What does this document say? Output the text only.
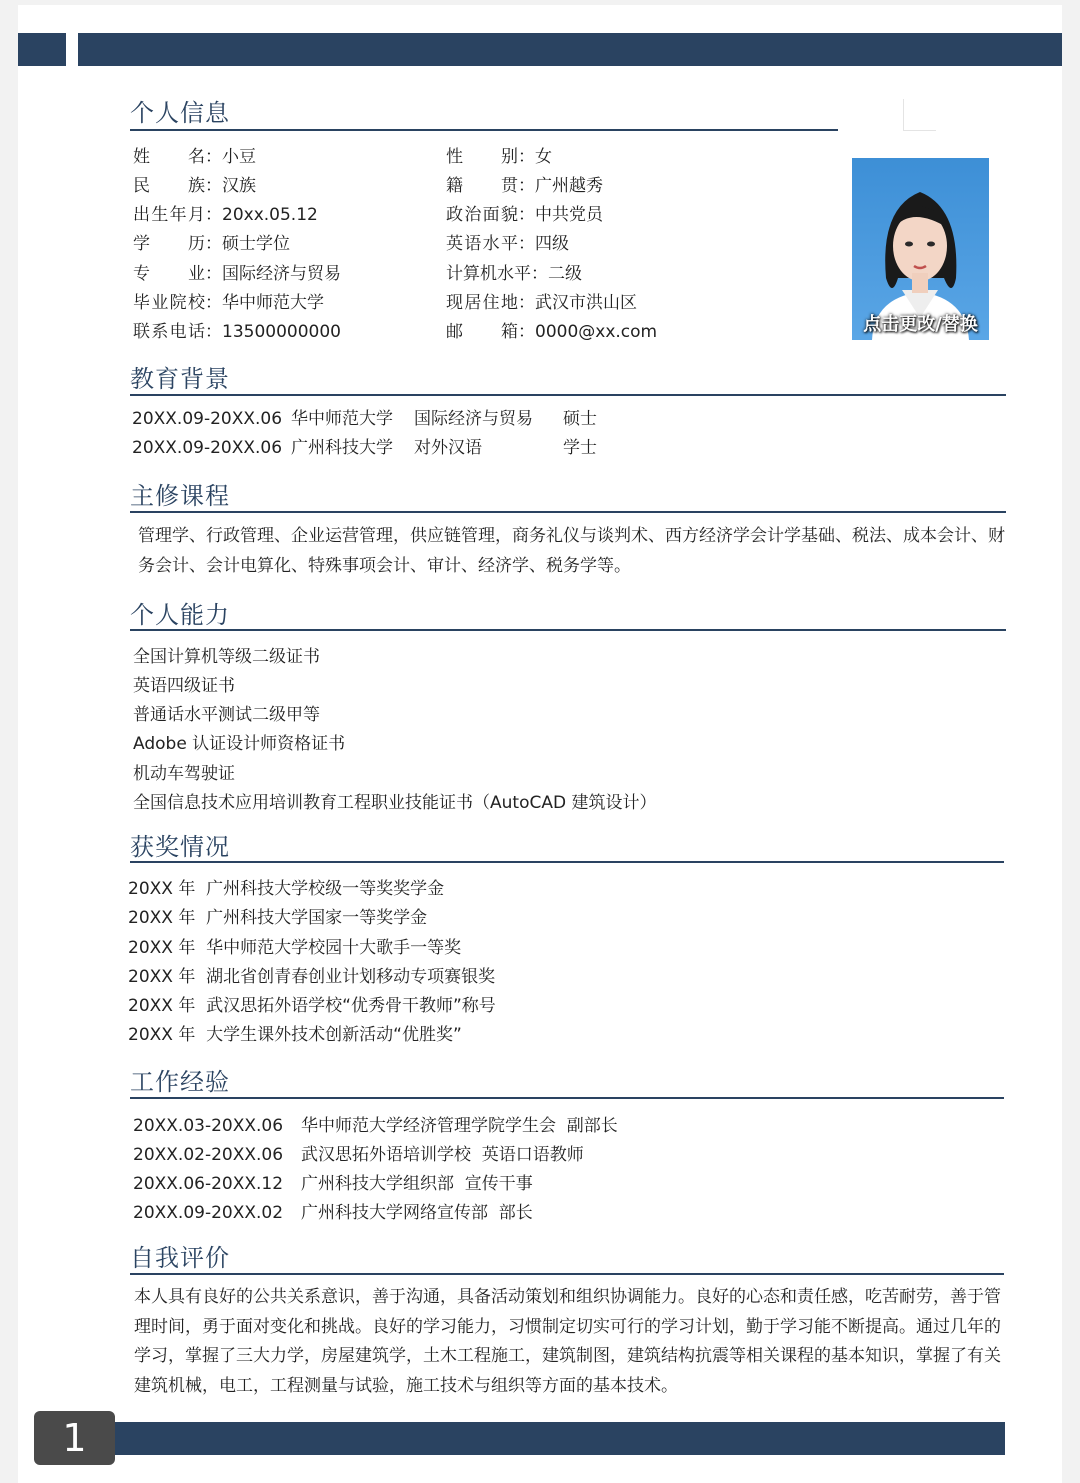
个人信息
姓 名：小豆	性 别：女
民 族：汉族	籍 贯：广州越秀
出生年月：20xx.05.12	政治面貌：中共党员
学 历：硕士学位	英语水平：四级
专 业：国际经济与贸易	计算机水平：二级
毕业院校：华中师范大学	现居住地：武汉市洪山区
联系电话：13500000000	邮 箱：0000@xx.com	点击更改/替换
教育背景
20XX.09-20XX.06 华中师范大学 国际经济与贸易 硕士
20XX.09-20XX.06 广州科技大学 对外汉语	学士
主修课程
管理学、行政管理、企业运营管理，供应链管理，商务礼仪与谈判术、西方经济学会计学基础、税法、成本会计、财务会计、会计电算化、特殊事项会计、审计、经济学、税务学等。
个人能力
全国计算机等级二级证书
英语四级证书
普通话水平测试二级甲等
Adobe 认证设计师资格证书
机动车驾驶证
全国信息技术应用培训教育工程职业技能证书（AutoCAD 建筑设计）
获奖情况
20XX 年  广州科技大学校级一等奖奖学金
20XX 年  广州科技大学国家一等奖学金
20XX 年  华中师范大学校园十大歌手一等奖
20XX 年  湖北省创青春创业计划移动专项赛银奖
20XX 年  武汉思拓外语学校“优秀骨干教师”称号
20XX 年  大学生课外技术创新活动“优胜奖”
工作经验
20XX.03-20XX.06 华中师范大学经济管理学院学生会  副部长
20XX.02-20XX.06 武汉思拓外语培训学校  英语口语教师
20XX.06-20XX.12 广州科技大学组织部  宣传干事
20XX.09-20XX.02 广州科技大学网络宣传部  部长
自我评价
本人具有良好的公共关系意识，善于沟通，具备活动策划和组织协调能力。良好的心态和责任感，吃苦耐劳，善于管理时间，勇于面对变化和挑战。良好的学习能力，习惯制定切实可行的学习计划，勤于学习能不断提高。通过几年的学习，掌握了三大力学，房屋建筑学，土木工程施工，建筑制图，建筑结构抗震等相关课程的基本知识，掌握了有关建筑机械，电工，工程测量与试验，施工技术与组织等方面的基本技术。
1
